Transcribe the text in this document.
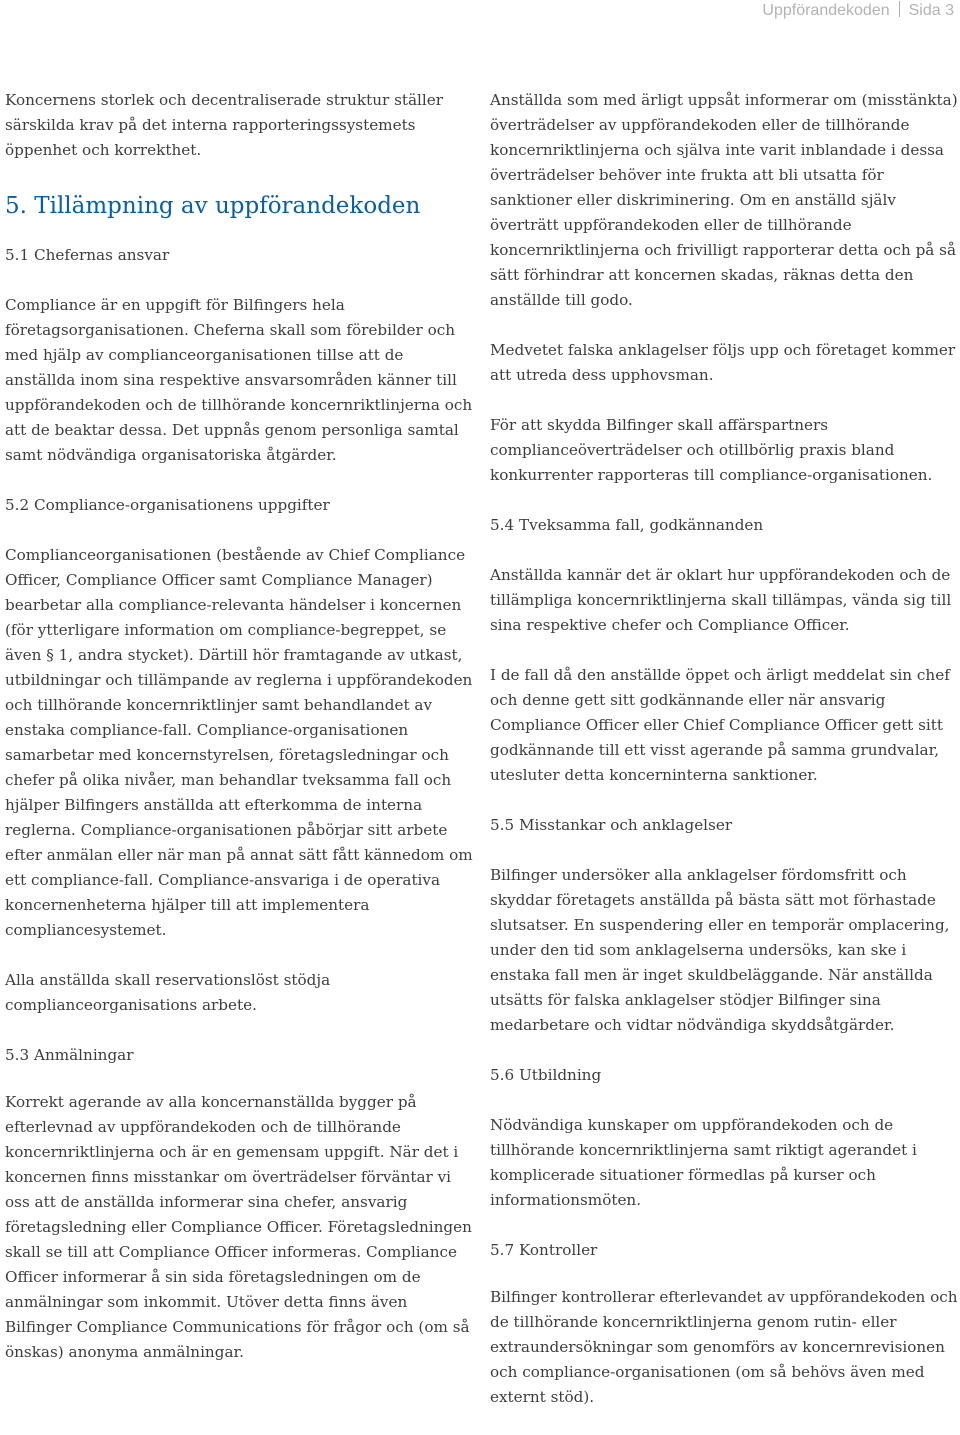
Uppförandekoden Sida 3

Koncernens storlek och decentraliserade struktur ställer särskilda krav på det interna rapporteringssystemets öppenhet och korrekthet.

5. Tillämpning av uppförandekoden
5.1 Chefernas ansvar

Compliance är en uppgift för Bilfingers hela företagsorganisationen. Cheferna skall som förebilder och med hjälp av complianceorganisationen tillse att de anställda inom sina respektive ansvarsområden känner till uppförandekoden och de tillhörande koncernriktlinjerna och att de beaktar dessa. Det uppnås genom personliga samtal samt nödvändiga organisatoriska åtgärder.

5.2 Compliance-organisationens uppgifter

Complianceorganisationen (bestående av Chief Compliance Officer, Compliance Officer samt Compliance Manager) bearbetar alla compliance-relevanta händelser i koncernen (för ytterligare information om compliance-begreppet, se även § 1, andra stycket). Därtill hör framtagande av utkast, utbildningar och tillämpande av reglerna i uppförandekoden och tillhörande koncernriktlinjer samt behandlandet av enstaka compliance-fall. Compliance-organisationen samarbetar med koncernstyrelsen, företagsledningar och chefer på olika nivåer, man behandlar tveksamma fall och hjälper Bilfingers anställda att efterkomma de interna reglerna. Compliance-organisationen påbörjar sitt arbete efter anmälan eller när man på annat sätt fått kännedom om ett compliance-fall. Compliance-ansvariga i de operativa koncernenheterna hjälper till att implementera compliancesystemet.

Alla anställda skall reservationslöst stödja complianceorganisations arbete.

5.3 Anmälningar

Korrekt agerande av alla koncernanställda bygger på efterlevnad av uppförandekoden och de tillhörande koncernriktlinjerna och är en gemensam uppgift. När det i koncernen finns misstankar om överträdelser förväntar vi oss att de anställda informerar sina chefer, ansvarig företagsledning eller Compliance Officer. Företagsledningen skall se till att Compliance Officer informeras. Compliance Officer informerar å sin sida företagsledningen om de anmälningar som inkommit. Utöver detta finns även Bilfinger Compliance Communications för frågor och (om så önskas) anonyma anmälningar.

Anställda som med ärligt uppsåt informerar om (misstänkta) överträdelser av uppförandekoden eller de tillhörande koncernriktlinjerna och själva inte varit inblandade i dessa överträdelser behöver inte frukta att bli utsatta för sanktioner eller diskriminering. Om en anställd själv överträtt uppförandekoden eller de tillhörande koncernriktlinjerna och frivilligt rapporterar detta och på så sätt förhindrar att koncernen skadas, räknas detta den anställde till godo.

Medvetet falska anklagelser följs upp och företaget kommer att utreda dess upphovsman.

För att skydda Bilfinger skall affärspartners complianceöverträdelser och otillbörlig praxis bland konkurrenter rapporteras till compliance-organisationen.

5.4 Tveksamma fall, godkännanden

Anställda kannär det är oklart hur uppförandekoden och de tillämpliga koncernriktlinjerna skall tillämpas, vända sig till sina respektive chefer och Compliance Officer.

I de fall då den anställde öppet och ärligt meddelat sin chef och denne gett sitt godkännande eller när ansvarig Compliance Officer eller Chief Compliance Officer gett sitt godkännande till ett visst agerande på samma grundvalar, utesluter detta koncerninterna sanktioner.

5.5 Misstankar och anklagelser

Bilfinger undersöker alla anklagelser fördomsfritt och skyddar företagets anställda på bästa sätt mot förhastade slutsatser. En suspendering eller en temporär omplacering, under den tid som anklagelserna undersöks, kan ske i enstaka fall men är inget skuldbeläggande. När anställda utsätts för falska anklagelser stödjer Bilfinger sina medarbetare och vidtar nödvändiga skyddsåtgärder.

5.6 Utbildning

Nödvändiga kunskaper om uppförandekoden och de tillhörande koncernriktlinjerna samt riktigt agerandet i komplicerade situationer förmedlas på kurser och informationsmöten.

5.7 Kontroller

Bilfinger kontrollerar efterlevandet av uppförandekoden och de tillhörande koncernriktlinjerna genom rutin- eller extraundersökningar som genomförs av koncernrevisionen och compliance-organisationen (om så behövs även med externt stöd).
